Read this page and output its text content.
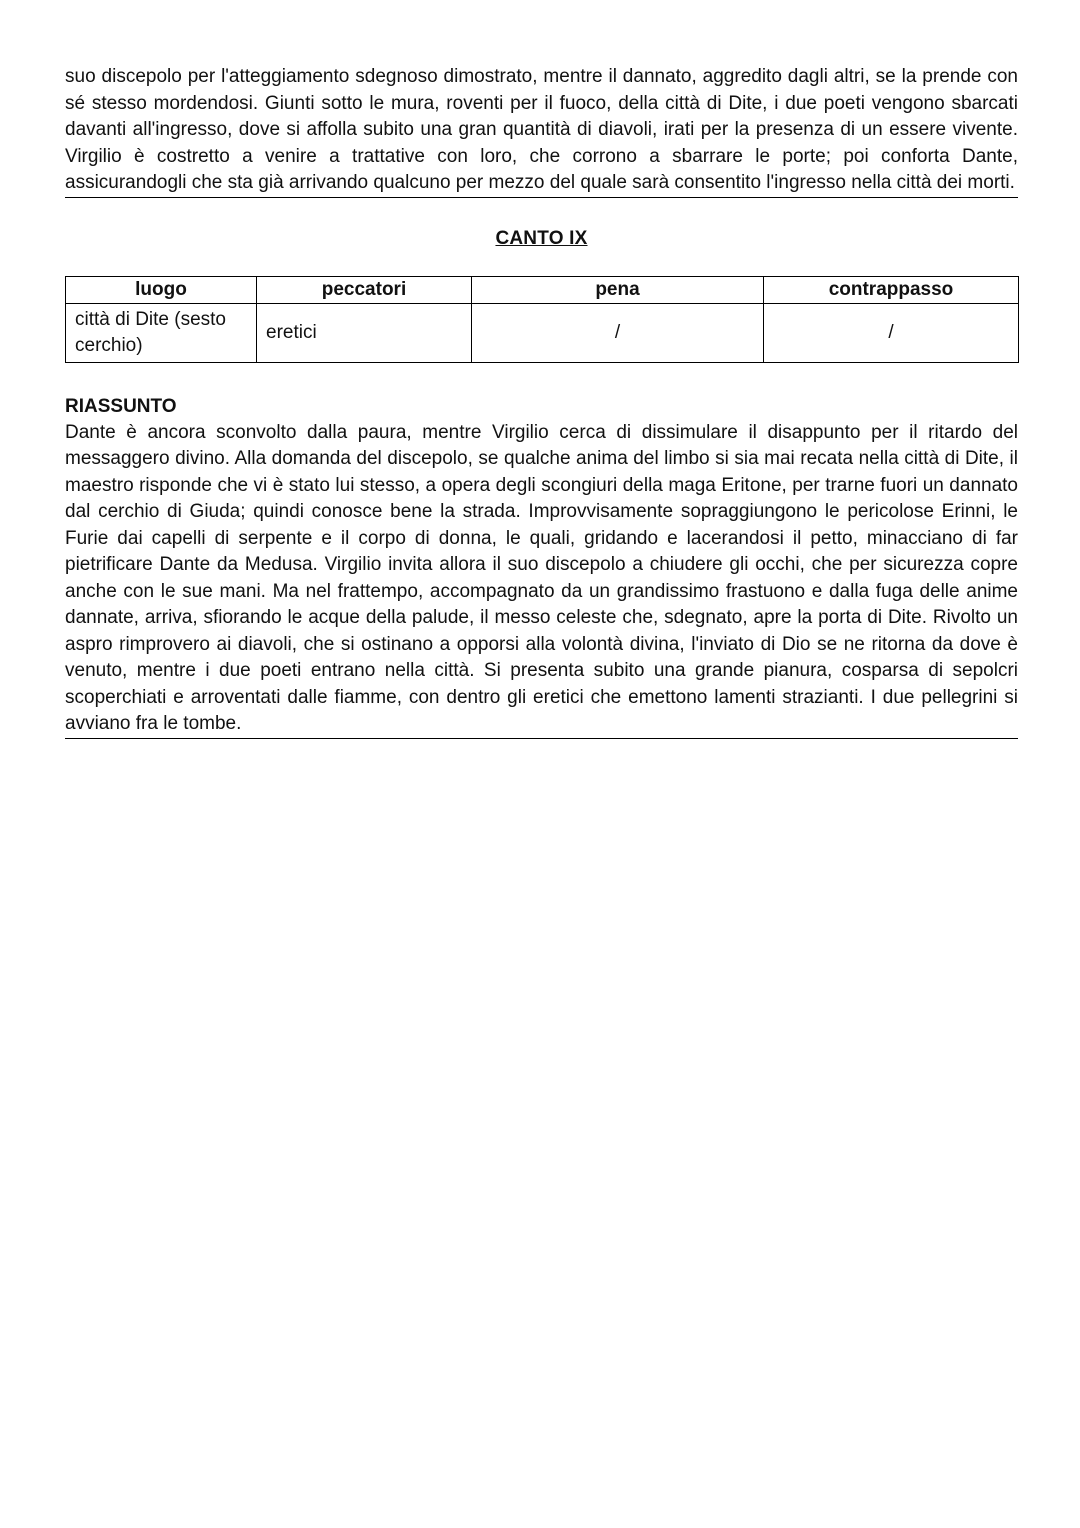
suo discepolo per l'atteggiamento sdegnoso dimostrato, mentre il dannato, aggredito dagli altri, se la prende con sé stesso mordendosi. Giunti sotto le mura, roventi per il fuoco, della città di Dite, i due poeti vengono sbarcati davanti all'ingresso, dove si affolla subito una gran quantità di diavoli, irati per la presenza di un essere vivente. Virgilio è costretto a venire a trattative con loro, che corrono a sbarrare le porte; poi conforta Dante, assicurandogli che sta già arrivando qualcuno per mezzo del quale sarà consentito l'ingresso nella città dei morti.

CANTO IX
luogo	peccatori	pena	contrappasso
città di Dite (sesto cerchio)	eretici	/	/
RIASSUNTO

Dante è ancora sconvolto dalla paura, mentre Virgilio cerca di dissimulare il disappunto per il ritardo del messaggero divino. Alla domanda del discepolo, se qualche anima del limbo si sia mai recata nella città di Dite, il maestro risponde che vi è stato lui stesso, a opera degli scongiuri della maga Eritone, per trarne fuori un dannato dal cerchio di Giuda; quindi conosce bene la strada. Improvvisamente sopraggiungono le pericolose Erinni, le Furie dai capelli di serpente e il corpo di donna, le quali, gridando e lacerandosi il petto, minacciano di far pietrificare Dante da Medusa. Virgilio invita allora il suo discepolo a chiudere gli occhi, che per sicurezza copre anche con le sue mani. Ma nel frattempo, accompagnato da un grandissimo frastuono e dalla fuga delle anime dannate, arriva, sfiorando le acque della palude, il messo celeste che, sdegnato, apre la porta di Dite. Rivolto un aspro rimprovero ai diavoli, che si ostinano a opporsi alla volontà divina, l'inviato di Dio se ne ritorna da dove è venuto, mentre i due poeti entrano nella città. Si presenta subito una grande pianura, cosparsa di sepolcri scoperchiati e arroventati dalle fiamme, con dentro gli eretici che emettono lamenti strazianti. I due pellegrini si avviano fra le tombe.
